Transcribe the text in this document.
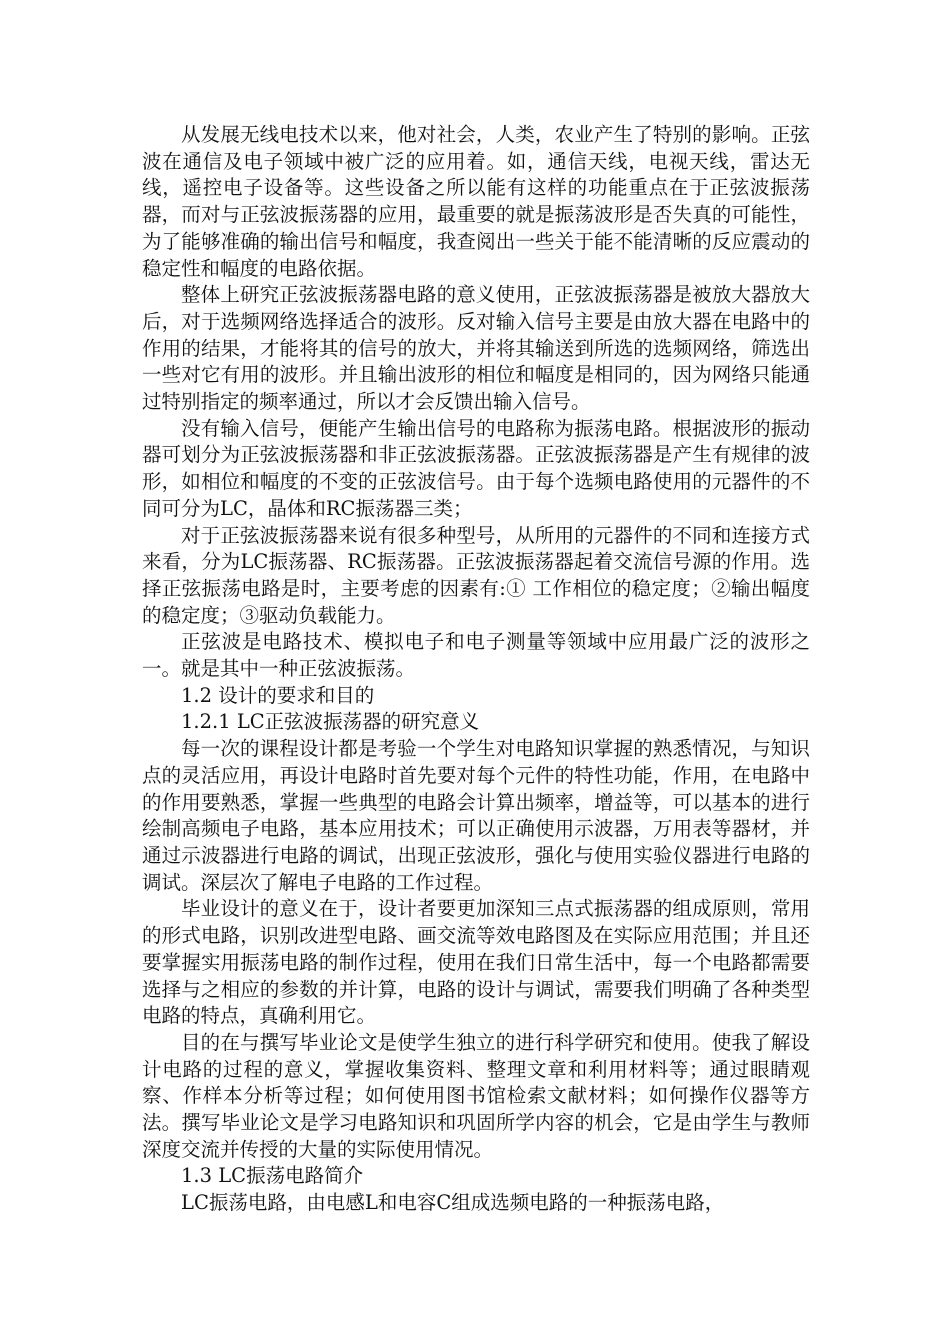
从发展无线电技术以来，他对社会，人类，农业产生了特别的影响。正弦波在通信及电子领域中被广泛的应用着。如，通信天线，电视天线，雷达无线，遥控电子设备等。这些设备之所以能有这样的功能重点在于正弦波振荡器，而对与正弦波振荡器的应用，最重要的就是振荡波形是否失真的可能性，为了能够准确的输出信号和幅度，我查阅出一些关于能不能清晰的反应震动的稳定性和幅度的电路依据。

整体上研究正弦波振荡器电路的意义使用，正弦波振荡器是被放大器放大后，对于选频网络选择适合的波形。反对输入信号主要是由放大器在电路中的作用的结果，才能将其的信号的放大，并将其输送到所选的选频网络，筛选出一些对它有用的波形。并且输出波形的相位和幅度是相同的，因为网络只能通过特别指定的频率通过，所以才会反馈出输入信号。

没有输入信号，便能产生输出信号的电路称为振荡电路。根据波形的振动器可划分为正弦波振荡器和非正弦波振荡器。正弦波振荡器是产生有规律的波形，如相位和幅度的不变的正弦波信号。由于每个选频电路使用的元器件的不同可分为LC，晶体和RC振荡器三类；

对于正弦波振荡器来说有很多种型号，从所用的元器件的不同和连接方式来看，分为LC振荡器、RC振荡器。正弦波振荡器起着交流信号源的作用。选择正弦振荡电路是时，主要考虑的因素有:① 工作相位的稳定度；②输出幅度的稳定度；③驱动负载能力。

正弦波是电路技术、模拟电子和电子测量等领域中应用最广泛的波形之一。就是其中一种正弦波振荡。

1.2 设计的要求和目的

1.2.1 LC正弦波振荡器的研究意义

每一次的课程设计都是考验一个学生对电路知识掌握的熟悉情况，与知识点的灵活应用，再设计电路时首先要对每个元件的特性功能，作用，在电路中的作用要熟悉，掌握一些典型的电路会计算出频率，增益等，可以基本的进行绘制高频电子电路，基本应用技术；可以正确使用示波器，万用表等器材，并通过示波器进行电路的调试，出现正弦波形，强化与使用实验仪器进行电路的调试。深层次了解电子电路的工作过程。

毕业设计的意义在于，设计者要更加深知三点式振荡器的组成原则，常用的形式电路，识别改进型电路、画交流等效电路图及在实际应用范围；并且还要掌握实用振荡电路的制作过程，使用在我们日常生活中，每一个电路都需要选择与之相应的参数的并计算，电路的设计与调试，需要我们明确了各种类型电路的特点，真确利用它。

目的在与撰写毕业论文是使学生独立的进行科学研究和使用。使我了解设计电路的过程的意义，掌握收集资料、整理文章和利用材料等；通过眼睛观察、作样本分析等过程；如何使用图书馆检索文献材料；如何操作仪器等方法。撰写毕业论文是学习电路知识和巩固所学内容的机会，它是由学生与教师深度交流并传授的大量的实际使用情况。

1.3 LC振荡电路简介

LC振荡电路，由电感L和电容C组成选频电路的一种振荡电路，
